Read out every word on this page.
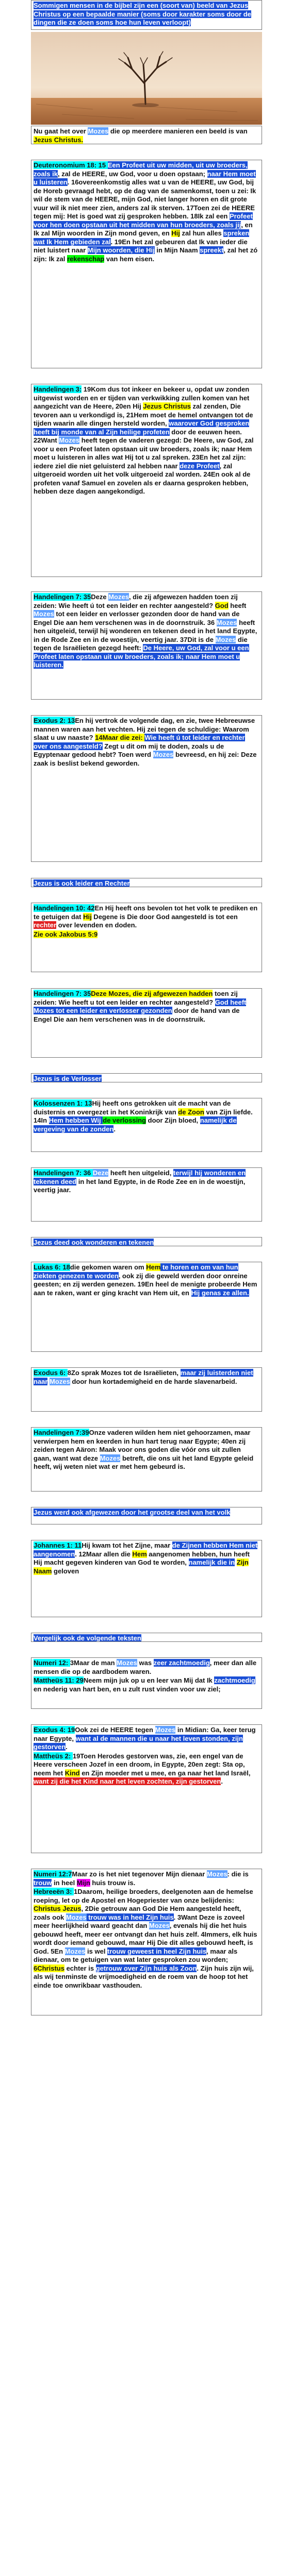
Sommigen mensen in de bijbel zijn een (soort van) beeld van Jezus Christus op een bepaalde manier (soms door karakter soms door de dingen die ze doen soms hoe hun leven verloopt)

Nu gaat het over Mozes die op meerdere manieren een beeld is van Jezus Christus.

Deuteronomium 18: 15 Een Profeet uit uw midden, uit uw broeders, zoals ik, zal de HEERE, uw God, voor u doen opstaan; naar Hem moet u luisteren. 16overeenkomstig alles wat u van de HEERE, uw God, bij de Horeb gevraagd hebt, op de dag van de samenkomst, toen u zei: Ik wil de stem van de HEERE, mijn God, niet langer horen en dit grote vuur wil ik niet meer zien, anders zal ik sterven. 17Toen zei de HEERE tegen mij: Het is goed wat zij gesproken hebben. 18Ik zal een Profeet voor hen doen opstaan uit het midden van hun broeders, zoals jij, en Ik zal Mijn woorden in Zijn mond geven, en Hij zal hun alles spreken wat Ik Hem gebieden zal. 19En het zal gebeuren dat Ik van ieder die niet luistert naar Mijn woorden, die Hij in Mijn Naam spreekt, zal het zó zijn: Ik zal rekenschap van hem eisen.

Handelingen 3: 19Kom dus tot inkeer en bekeer u, opdat uw zonden uitgewist worden en er tijden van verkwikking zullen komen van het aangezicht van de Heere, 20en Hij Jezus Christus zal zenden, Die tevoren aan u verkondigd is, 21Hem moet de hemel ontvangen tot de tijden waarin alle dingen hersteld worden, waarover God gesproken heeft bij monde van al Zijn heilige profeten door de eeuwen heen. 22Want Mozes heeft tegen de vaderen gezegd: De Heere, uw God, zal voor u een Profeet laten opstaan uit uw broeders, zoals ik; naar Hem moet u luisteren in alles wat Hij tot u zal spreken. 23En het zal zijn: iedere ziel die niet geluisterd zal hebben naar deze Profeet, zal uitgeroeid worden uit het volk uitgeroeid zal worden. 24En ook al de profeten vanaf Samuel en zovelen als er daarna gesproken hebben, hebben deze dagen aangekondigd.

Handelingen 7: 35Deze Mozes, die zij afgewezen hadden toen zij zeiden: Wie heeft ú tot een leider en rechter aangesteld? God heeft Mozes tot een leider en verlosser gezonden door de hand van de Engel Die aan hem verschenen was in de doornstruik. 36 Mozes heeft hen uitgeleid, terwijl hij wonderen en tekenen deed in het land Egypte, in de Rode Zee en in de woestijn, veertig jaar. 37Dit is de Mozes die tegen de Israëlieten gezegd heeft: De Heere, uw God, zal voor u een Profeet laten opstaan uit uw broeders, zoals ik; naar Hem moet u luisteren.

Exodus 2: 13En hij vertrok de volgende dag, en zie, twee Hebreeuwse mannen waren aan het vechten. Hij zei tegen de schuldige: Waarom slaat u uw naaste? 14Maar die zei: Wie heeft ú tot leider en rechter over ons aangesteld? Zegt u dit om mij te doden, zoals u de Egyptenaar gedood hebt? Toen werd Mozes bevreesd, en hij zei: Deze zaak is beslist bekend geworden.

Jezus is ook leider en Rechter

Handelingen 10: 42En Hij heeft ons bevolen tot het volk te prediken en te getuigen dat Hij Degene is Die door God aangesteld is tot een rechter over levenden en doden.

Zie ook Jakobus 5:9

Handelingen 7: 35Deze Mozes, die zij afgewezen hadden toen zij zeiden: Wie heeft u tot een leider en rechter aangesteld? God heeft Mozes tot een leider en verlosser gezonden door de hand van de Engel Die aan hem verschenen was in de doornstruik.

Jezus is de Verlosser

Kolossenzen 1: 13Hij heeft ons getrokken uit de macht van de duisternis en overgezet in het Koninkrijk van de Zoon van Zijn liefde. 14In Hem hebben Wij de verlossing door Zijn bloed, namelijk de vergeving van de zonden.

Handelingen 7: 36 Deze heeft hen uitgeleid, terwijl hij wonderen en tekenen deed in het land Egypte, in de Rode Zee en in de woestijn, veertig jaar.

Jezus deed ook wonderen en tekenen

Lukas 6: 18die gekomen waren om Hem te horen en om van hun ziekten genezen te worden, ook zij die geweld werden door onreine geesten; en zij werden genezen. 19En heel de menigte probeerde Hem aan te raken, want er ging kracht van Hem uit, en Hij genas ze allen.

Exodus 6: 8Zo sprak Mozes tot de Israëlieten, maar zij luisterden niet naar Mozes door hun kortademigheid en de harde slavenarbeid.

Handelingen 7:39Onze vaderen wilden hem niet gehoorzamen, maar verwierpen hem en keerden in hun hart terug naar Egypte; 40en zij zeiden tegen Aäron: Maak voor ons goden die vóór ons uit zullen gaan, want wat deze Mozes betreft, die ons uit het land Egypte geleid heeft, wij weten niet wat er met hem gebeurd is.

Jezus werd ook afgewezen door het grootse deel van het volk

Johannes 1: 11Hij kwam tot het Zijne, maar de Zijnen hebben Hem niet aangenomen. 12Maar allen die Hem aangenomen hebben, hun heeft Hij macht gegeven kinderen van God te worden, namelijk die in Zijn Naam geloven

Vergelijk ook de volgende teksten

Numeri 12: 3Maar de man Mozes was zeer zachtmoedig, meer dan alle mensen die op de aardbodem waren.

Mattheüs 11: 29Neem mijn juk op u en leer van Mij dat Ik zachtmoedig en nederig van hart ben, en u zult rust vinden voor uw ziel;

Exodus 4: 19Ook zei de HEERE tegen Mozes in Midian: Ga, keer terug naar Egypte, want al de mannen die u naar het leven stonden, zijn gestorven.

Mattheüs 2: 19Toen Herodes gestorven was, zie, een engel van de Heere verscheen Jozef in een droom, in Egypte, 20en zegt: Sta op, neem het Kind en Zijn moeder met u mee, en ga naar het land Israël, want zij die het Kind naar het leven zochten, zijn gestorven.

Numeri 12:7Maar zo is het niet tegenover Mijn dienaar Mozes: die is trouw in heel Mijn huis trouw is.

Hebreeën 3: 1Daarom, heilige broeders, deelgenoten aan de hemelse roeping, let op de Apostel en Hogepriester van onze belijdenis: Christus Jezus, 2Die getrouw aan God Die Hem aangesteld heeft, zoals ook Mozes trouw was in heel Zijn huis. 3Want Deze is zoveel meer heerlijkheid waard geacht dan Mozes, evenals hij die het huis gebouwd heeft, meer eer ontvangt dan het huis zelf. 4Immers, elk huis wordt door iemand gebouwd, maar Hij Die dit alles gebouwd heeft, is God. 5En Mozes is wel trouw geweest in heel Zijn huis, maar als dienaar, om te getuigen van wat later gesproken zou worden; 6Christus echter is getrouw over Zijn huis als Zoon. Zijn huis zijn wij, als wij tenminste de vrijmoedigheid en de roem van de hoop tot het einde toe onwrikbaar vasthouden.
